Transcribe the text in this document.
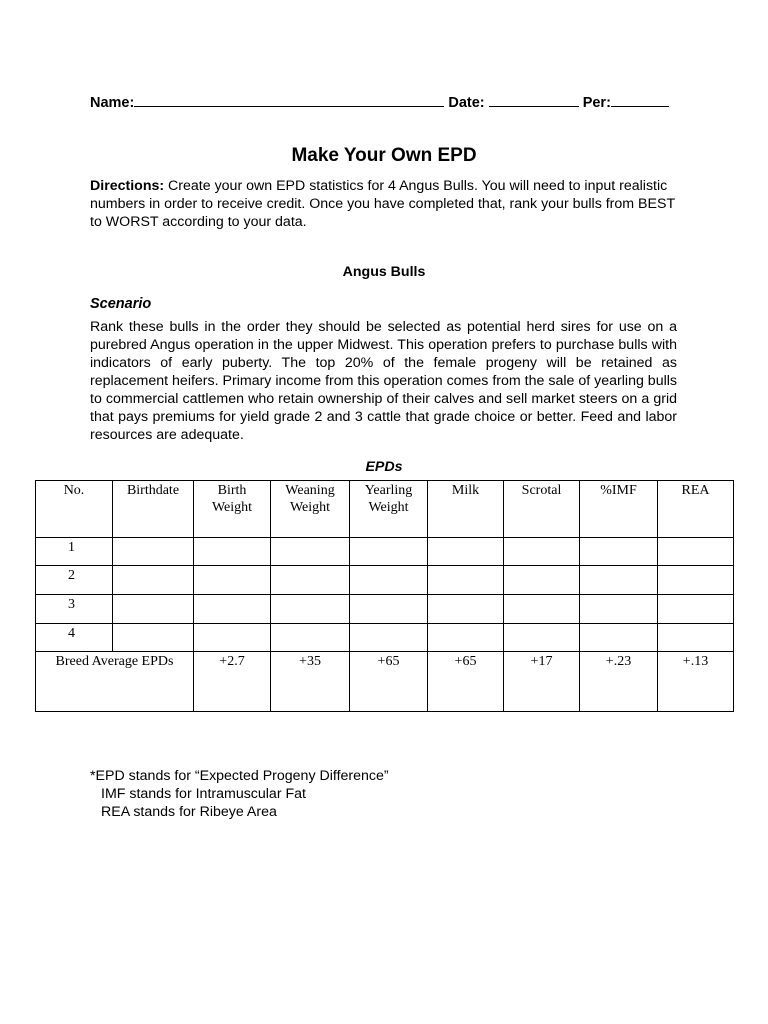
Name:	Date:	Per:
Make Your Own EPD
Directions: Create your own EPD statistics for 4 Angus Bulls. You will need to input realistic numbers in order to receive credit. Once you have completed that, rank your bulls from BEST to WORST according to your data.
Angus Bulls
Scenario
Rank these bulls in the order they should be selected as potential herd sires for use on a purebred Angus operation in the upper Midwest. This operation prefers to purchase bulls with indicators of early puberty. The top 20% of the female progeny will be retained as replacement heifers. Primary income from this operation comes from the sale of yearling bulls to commercial cattlemen who retain ownership of their calves and sell market steers on a grid that pays premiums for yield grade 2 and 3 cattle that grade choice or better. Feed and labor resources are adequate.
EPDs
No.	Birthdate	Birth Weight	Weaning Weight	Yearling Weight	Milk	Scrotal	%IMF	REA
1								
2								
3								
4								
Breed Average EPDs		+2.7	+35	+65	+65	+17	+.23	+.13
*EPD stands for “Expected Progeny Difference”
IMF stands for Intramuscular Fat
REA stands for Ribeye Area
